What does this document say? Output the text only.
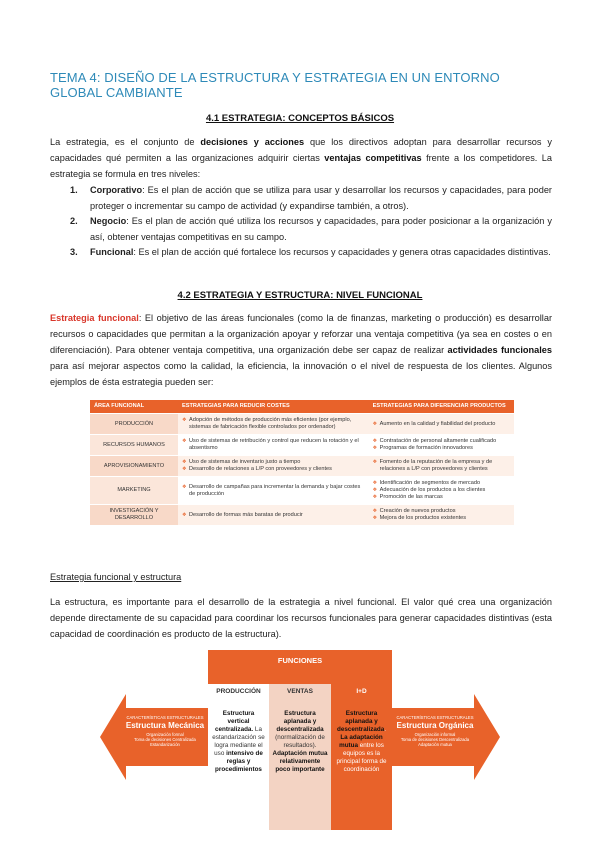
TEMA 4: DISEÑO DE LA ESTRUCTURA Y ESTRATEGIA EN UN ENTORNO GLOBAL CAMBIANTE
4.1 ESTRATEGIA: CONCEPTOS BÁSICOS
La estrategia, es el conjunto de decisiones y acciones que los directivos adoptan para desarrollar recursos y capacidades qué permiten a las organizaciones adquirir ciertas ventajas competitivas frente a los competidores. La estrategia se formula en tres niveles:
1. Corporativo: Es el plan de acción que se utiliza para usar y desarrollar los recursos y capacidades, para poder proteger o incrementar su campo de actividad (y expandirse también, a otros).
2. Negocio: Es el plan de acción qué utiliza los recursos y capacidades, para poder posicionar a la organización y así, obtener ventajas competitivas en su campo.
3. Funcional: Es el plan de acción qué fortalece los recursos y capacidades y genera otras capacidades distintivas.
4.2 ESTRATEGIA Y ESTRUCTURA: NIVEL FUNCIONAL
Estrategia funcional: El objetivo de las áreas funcionales (como la de finanzas, marketing o producción) es desarrollar recursos o capacidades que permitan a la organización apoyar y reforzar una ventaja competitiva (ya sea en costes o en diferenciación). Para obtener ventaja competitiva, una organización debe ser capaz de realizar actividades funcionales para así mejorar aspectos como la calidad, la eficiencia, la innovación o el nivel de respuesta de los clientes. Algunos ejemplos de ésta estrategia pueden ser:
ÁREA FUNCIONAL	ESTRATEGIAS PARA REDUCIR COSTES	ESTRATEGIAS PARA DIFERENCIAR PRODUCTOS
PRODUCCIÓN	❖ Adopción de métodos de producción más eficientes (por ejemplo, sistemas de fabricación flexible controlados por ordenador)	❖ Aumento en la calidad y fiabilidad del producto

RECURSOS HUMANOS	❖ Uso de sistemas de retribución y control que reducen la rotación y el absentismo	❖ Contratación de personal altamente cualificado
❖ Programas de formación innovadores

APROVISIONAMIENTO	❖ Uso de sistemas de inventario justo a tiempo
❖ Desarrollo de relaciones a L/P con proveedores y clientes	❖ Fomento de la reputación de la empresa y de relaciones a L/P con proveedores y clientes

MARKETING	❖ Desarrollo de campañas para incrementar la demanda y bajar costes de producción	❖ Identificación de segmentos de mercado
❖ Adecuación de los productos a los clientes
❖ Promoción de las marcas

INVESTIGACIÓN Y DESARROLLO	❖ Desarrollo de formas más baratas de producir	❖ Creación de nuevos productos
❖ Mejora de los productos existentes
Estrategia funcional y estructura
La estructura, es importante para el desarrollo de la estrategia a nivel funcional. El valor qué crea una organización depende directamente de su capacidad para coordinar los recursos funcionales para generar capacidades distintivas (esta capacidad de coordinación es producto de la estructura).
CARACTERÍSTICAS ESTRUCTURALES
Estructura Mecánica
Organización formal
Toma de decisiones Centralizada
Estandarización
CARACTERÍSTICAS ESTRUCTURALES
Estructura Orgánica
Organización informal
Toma de decisiones Descentralizada
Adaptación mutua
FUNCIONES
PRODUCCIÓN
Estructura vertical centralizada. La estandarización se logra mediante el uso intensivo de reglas y procedimientos
VENTAS
Estructura aplanada y descentralizada (normalización de resultados). Adaptación mutua relativamente poco importante
I+D
Estructura aplanada y descentralizada. La adaptación mutua entre los equipos es la principal forma de coordinación
